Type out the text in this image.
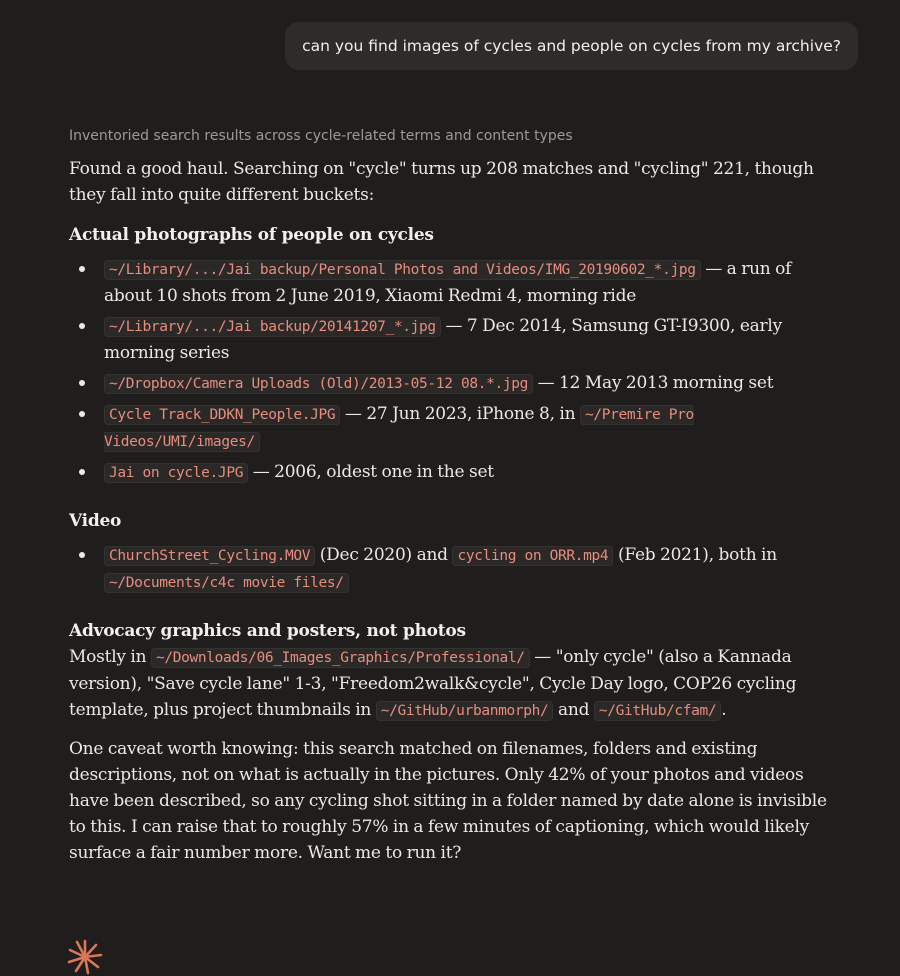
can you find images of cycles and people on cycles from my archive?
Inventoried search results across cycle-related terms and content types

Found a good haul. Searching on "cycle" turns up 208 matches and "cycling" 221, though they fall into quite different buckets:

Actual photographs of people on cycles
~/Library/.../Jai backup/Personal Photos and Videos/IMG_20190602_*.jpg — a run of about 10 shots from 2 June 2019, Xiaomi Redmi 4, morning ride
~/Library/.../Jai backup/20141207_*.jpg — 7 Dec 2014, Samsung GT-I9300, early morning series
~/Dropbox/Camera Uploads (Old)/2013-05-12 08.*.jpg — 12 May 2013 morning set
Cycle Track_DDKN_People.JPG — 27 Jun 2023, iPhone 8, in ~/Premire Pro Videos/UMI/images/
Jai on cycle.JPG — 2006, oldest one in the set
Video
ChurchStreet_Cycling.MOV (Dec 2020) and cycling on ORR.mp4 (Feb 2021), both in ~/Documents/c4c movie files/
Advocacy graphics and posters, not photos

Mostly in ~/Downloads/06_Images_Graphics/Professional/ — "only cycle" (also a Kannada version), "Save cycle lane" 1-3, "Freedom2walk&cycle", Cycle Day logo, COP26 cycling template, plus project thumbnails in ~/GitHub/urbanmorph/ and ~/GitHub/cfam/ .

One caveat worth knowing: this search matched on filenames, folders and existing descriptions, not on what is actually in the pictures. Only 42% of your photos and videos have been described, so any cycling shot sitting in a folder named by date alone is invisible to this. I can raise that to roughly 57% in a few minutes of captioning, which would likely surface a fair number more. Want me to run it?
